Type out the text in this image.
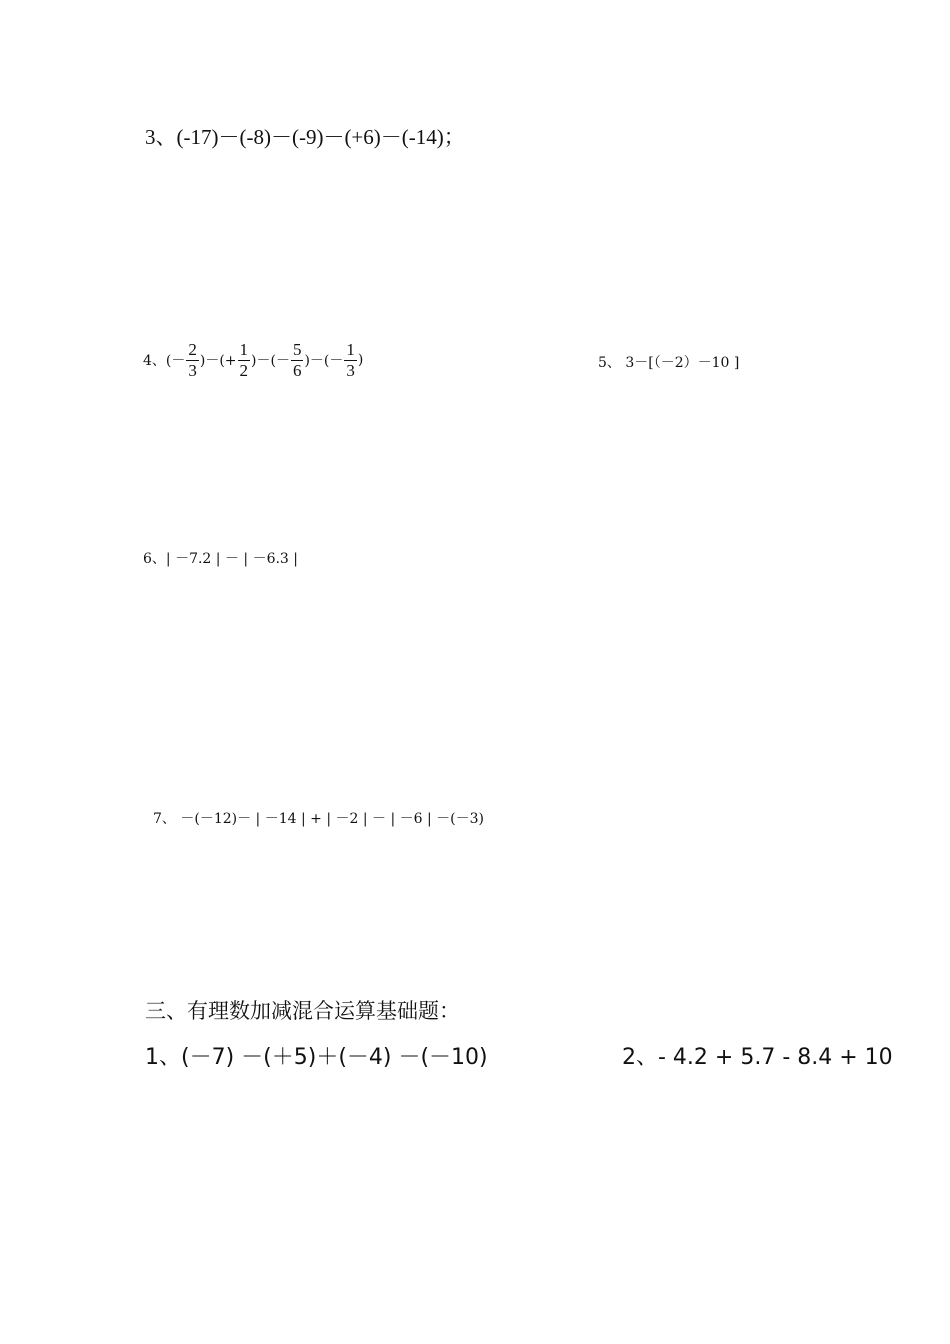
3、(-17)－(-8)－(-9)－(+6)－(-14)；
4、(－ $\frac{2}{3}$ )－(+ $\frac{1}{2}$ )－(－ $\frac{5}{6}$ )－(－ $\frac{1}{3}$ )	5、 3－[（－2）－10 ]
6、| －7.2 | － | －6.3 |
7、 －(－12)－ | －14 | + | －2 | － | －6 | －(－3)
三、有理数加减混合运算基础题：
1、(－7) －(＋5)＋(－4) －(－10)	2、- 4.2 + 5.7 - 8.4 + 10
